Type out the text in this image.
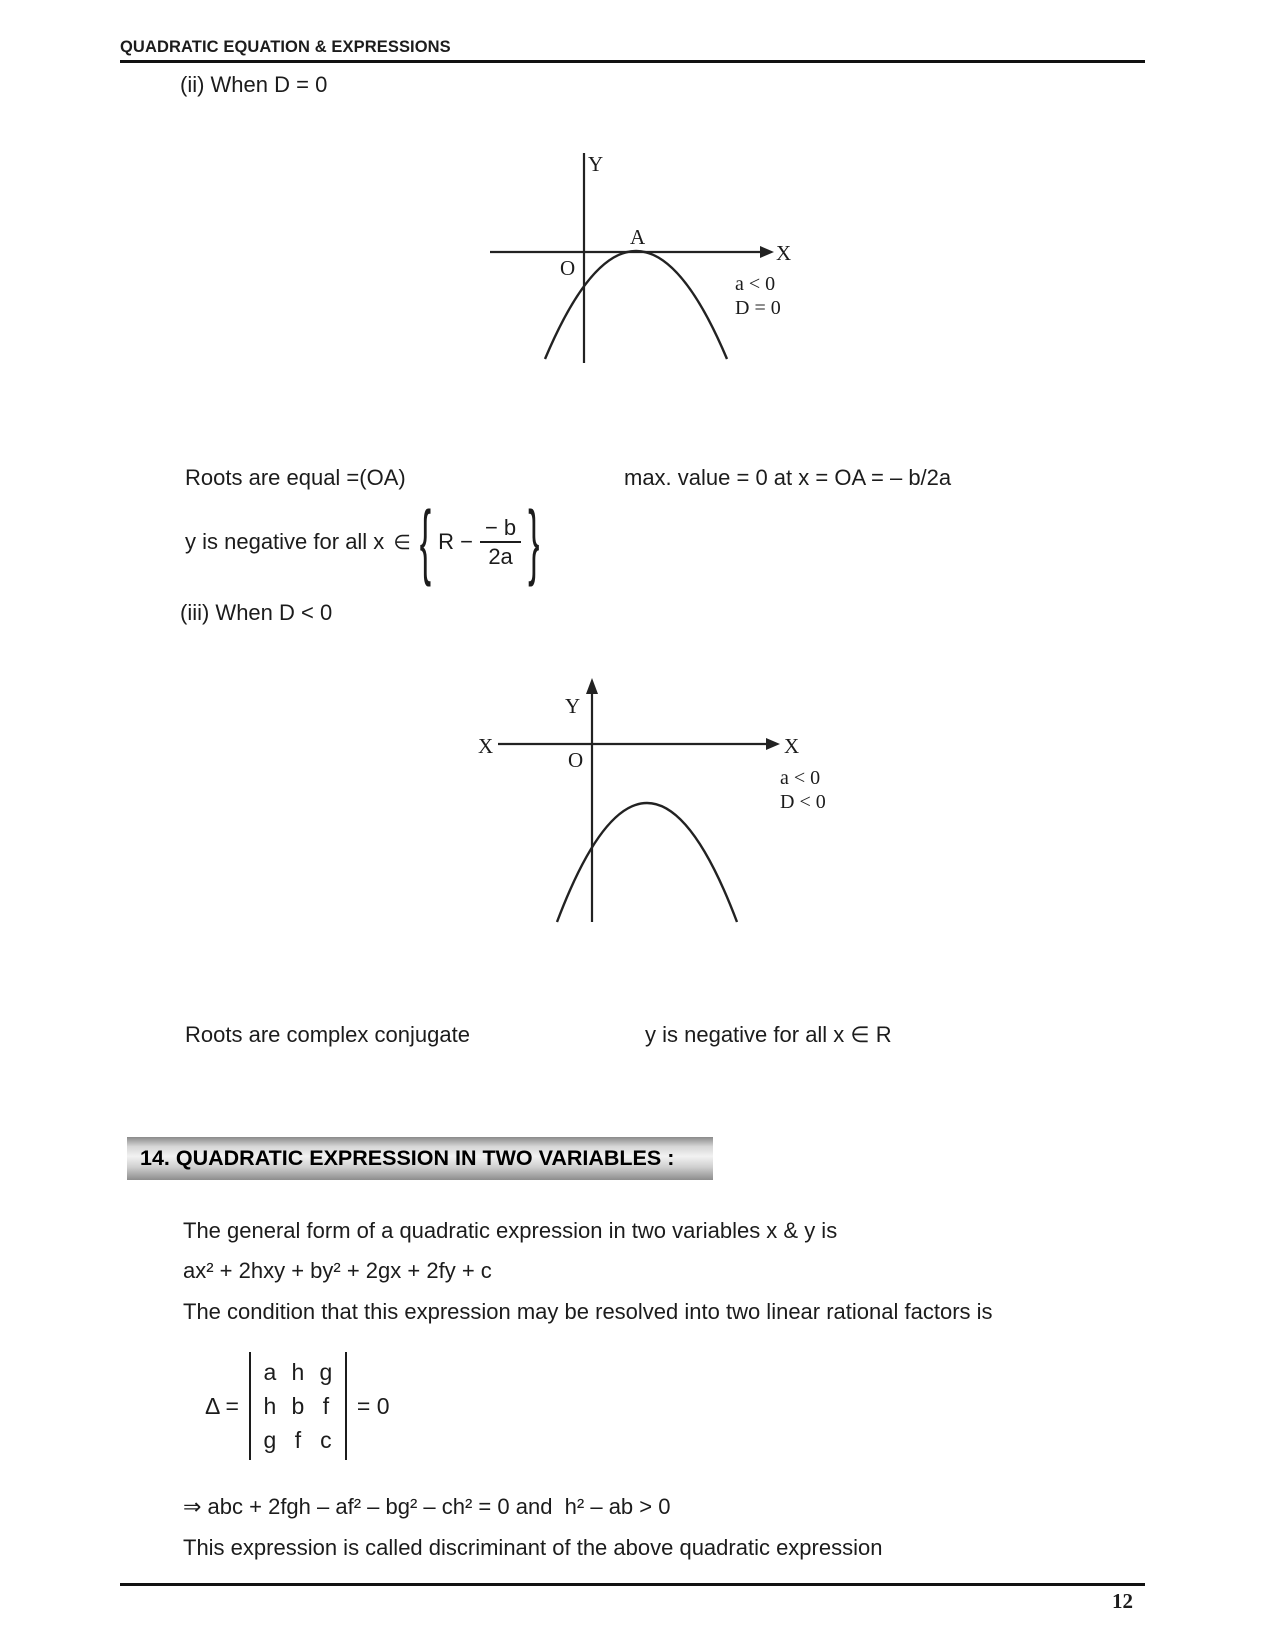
QUADRATIC EQUATION & EXPRESSIONS
(ii) When D = 0
Y
X
O
A
a < 0
D = 0
Roots are equal =(OA)	max. value = 0 at x = OA = – b/2a
y is negative for all x ∈ { $R - \frac{- b}{2a}$ }
(iii) When D < 0
Y
X	X
O
a < 0
D < 0
Roots are complex conjugate	y is negative for all x ∈ R
14. QUADRATIC EXPRESSION IN TWO VARIABLES :
The general form of a quadratic expression in two variables x & y is
ax² + 2hxy + by² + 2gx + 2fy + c
The condition that this expression may be resolved into two linear rational factors is
Δ =
a h g
h b f
g f c
= 0
⇒ abc + 2fgh – af² – bg² – ch² = 0 and  h² – ab > 0
This expression is called discriminant of the above quadratic expression
12
